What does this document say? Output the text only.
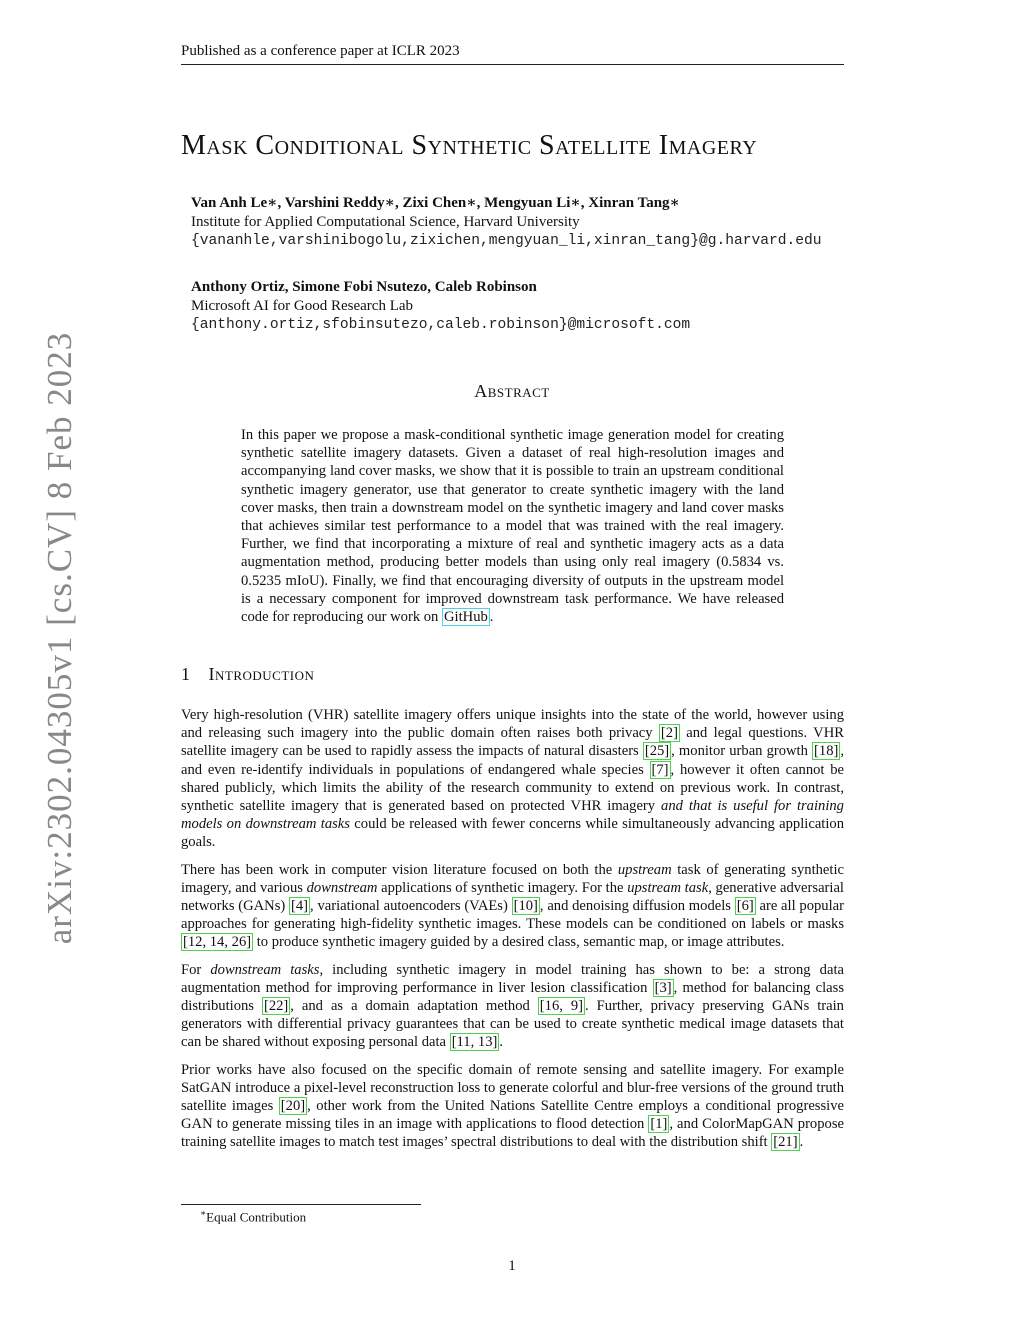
Published as a conference paper at ICLR 2023
arXiv:2302.04305v1 [cs.CV] 8 Feb 2023
Mask Conditional Synthetic Satellite Imagery
Van Anh Le∗, Varshini Reddy∗, Zixi Chen∗, Mengyuan Li∗, Xinran Tang∗
Institute for Applied Computational Science, Harvard University
{vananhle,varshinibogolu,zixichen,mengyuan_li,xinran_tang}@g.harvard.edu
Anthony Ortiz, Simone Fobi Nsutezo, Caleb Robinson
Microsoft AI for Good Research Lab
{anthony.ortiz,sfobinsutezo,caleb.robinson}@microsoft.com
Abstract
In this paper we propose a mask-conditional synthetic image generation model for creating synthetic satellite imagery datasets. Given a dataset of real high-resolution images and accompanying land cover masks, we show that it is possible to train an upstream conditional synthetic imagery generator, use that generator to create synthetic imagery with the land cover masks, then train a downstream model on the synthetic imagery and land cover masks that achieves similar test performance to a model that was trained with the real imagery. Further, we find that incorporating a mixture of real and synthetic imagery acts as a data augmentation method, producing better models than using only real imagery (0.5834 vs. 0.5235 mIoU). Finally, we find that encouraging diversity of outputs in the upstream model is a necessary component for improved downstream task performance. We have released code for reproducing our work on GitHub .
1 Introduction

Very high-resolution (VHR) satellite imagery offers unique insights into the state of the world, however using and releasing such imagery into the public domain often raises both privacy [2] and legal questions. VHR satellite imagery can be used to rapidly assess the impacts of natural disasters [25] , monitor urban growth [18] , and even re-identify individuals in populations of endangered whale species [7] , however it often cannot be shared publicly, which limits the ability of the research community to extend on previous work. In contrast, synthetic satellite imagery that is generated based on protected VHR imagery and that is useful for training models on downstream tasks could be released with fewer concerns while simultaneously advancing application goals.

There has been work in computer vision literature focused on both the upstream task of generating synthetic imagery, and various downstream applications of synthetic imagery. For the upstream task, generative adversarial networks (GANs) [4] , variational autoencoders (VAEs) [10] , and denoising diffusion models [6] are all popular approaches for generating high-fidelity synthetic images. These models can be conditioned on labels or masks [12, 14, 26] to produce synthetic imagery guided by a desired class, semantic map, or image attributes.

For downstream tasks, including synthetic imagery in model training has shown to be: a strong data augmentation method for improving performance in liver lesion classification [3] , method for balancing class distributions [22] , and as a domain adaptation method [16, 9] . Further, privacy preserving GANs train generators with differential privacy guarantees that can be used to create synthetic medical image datasets that can be shared without exposing personal data [11, 13] .

Prior works have also focused on the specific domain of remote sensing and satellite imagery. For example SatGAN introduce a pixel-level reconstruction loss to generate colorful and blur-free versions of the ground truth satellite images [20] , other work from the United Nations Satellite Centre employs a conditional progressive GAN to generate missing tiles in an image with applications to flood detection [1] , and ColorMapGAN propose training satellite images to match test images’ spectral distributions to deal with the distribution shift [21] .

∗Equal Contribution
1
